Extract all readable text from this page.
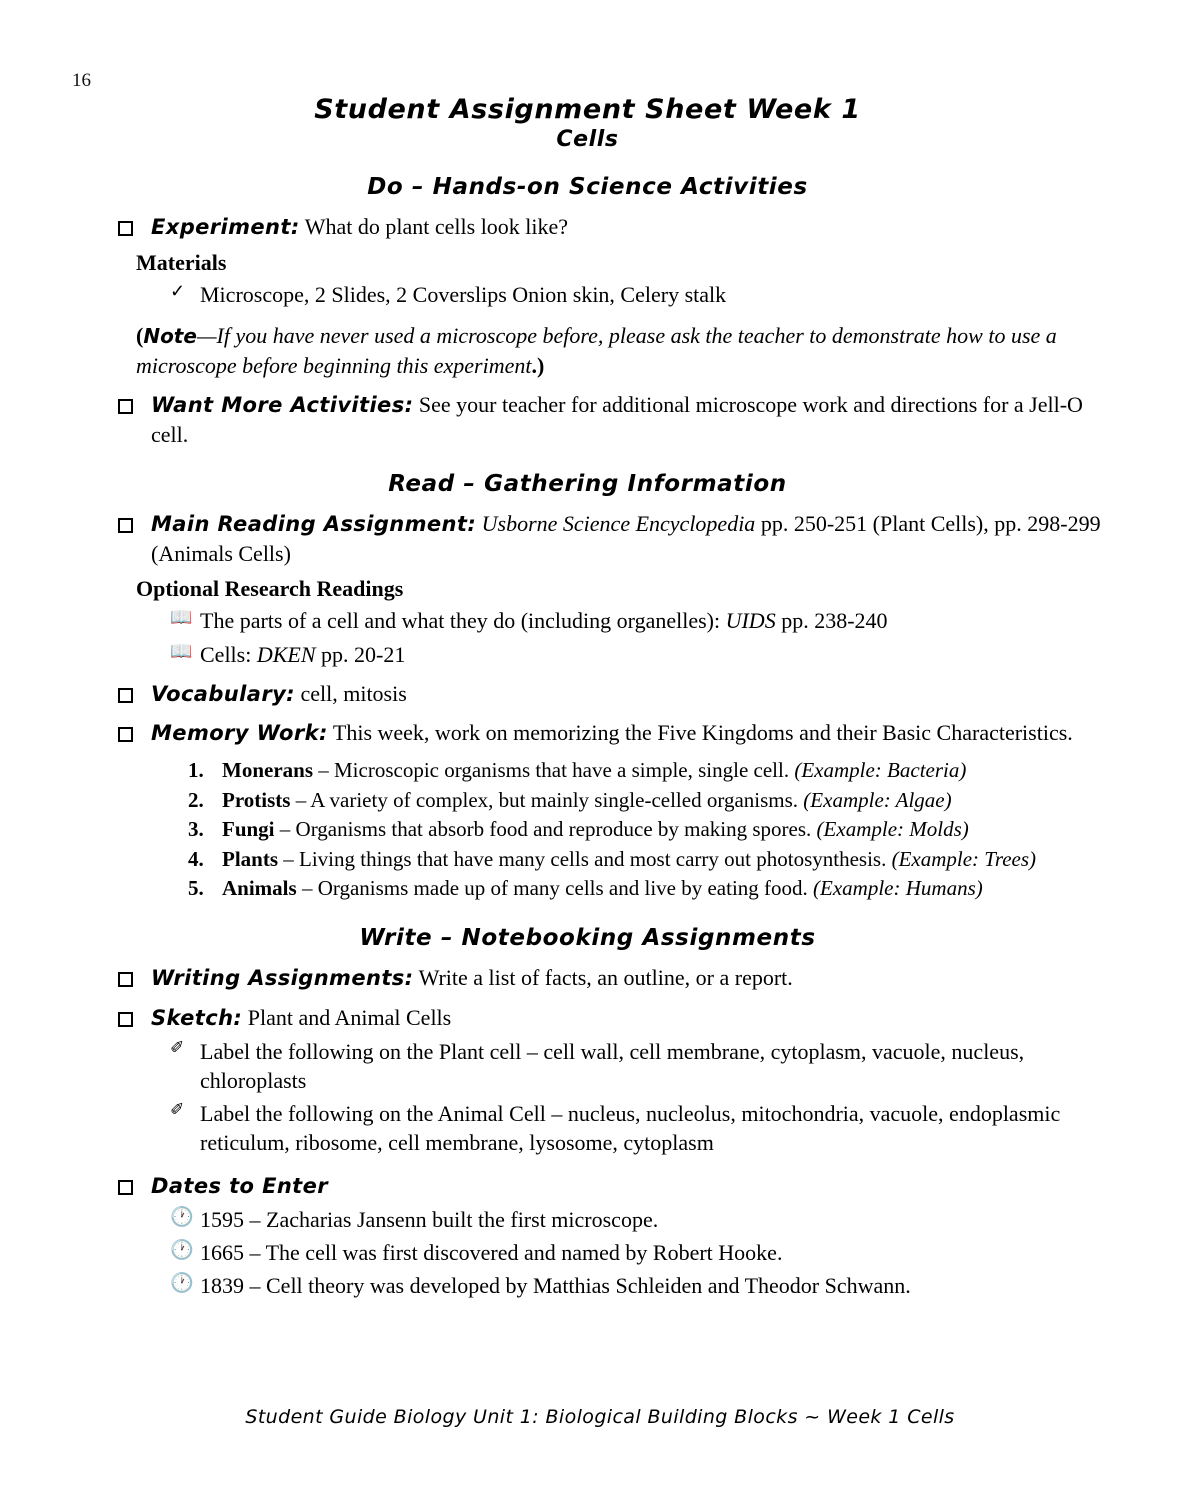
16
Student Assignment Sheet Week 1
Cells
Do – Hands-on Science Activities
Experiment: What do plant cells look like?
Materials
✓ Microscope, 2 Slides, 2 Coverslips Onion skin, Celery stalk
(Note—If you have never used a microscope before, please ask the teacher to demonstrate how to use a microscope before beginning this experiment.)
Want More Activities: See your teacher for additional microscope work and directions for a Jell-O cell.
Read – Gathering Information
Main Reading Assignment: Usborne Science Encyclopedia pp. 250-251 (Plant Cells), pp. 298-299 (Animals Cells)
Optional Research Readings
📖 The parts of a cell and what they do (including organelles): UIDS pp. 238-240
📖 Cells: DKEN pp. 20-21
Vocabulary: cell, mitosis
Memory Work: This week, work on memorizing the Five Kingdoms and their Basic Characteristics.
1. Monerans – Microscopic organisms that have a simple, single cell. (Example: Bacteria)
2. Protists – A variety of complex, but mainly single-celled organisms. (Example: Algae)
3. Fungi – Organisms that absorb food and reproduce by making spores. (Example: Molds)
4. Plants – Living things that have many cells and most carry out photosynthesis. (Example: Trees)
5. Animals – Organisms made up of many cells and live by eating food. (Example: Humans)
Write – Notebooking Assignments
Writing Assignments: Write a list of facts, an outline, or a report.
Sketch: Plant and Animal Cells
✐ Label the following on the Plant cell – cell wall, cell membrane, cytoplasm, vacuole, nucleus, chloroplasts
✐ Label the following on the Animal Cell – nucleus, nucleolus, mitochondria, vacuole, endoplasmic reticulum, ribosome, cell membrane, lysosome, cytoplasm
Dates to Enter
🕐 1595 – Zacharias Jansenn built the first microscope.
🕐 1665 – The cell was first discovered and named by Robert Hooke.
🕐 1839 – Cell theory was developed by Matthias Schleiden and Theodor Schwann.
Student Guide Biology Unit 1: Biological Building Blocks ~ Week 1 Cells
